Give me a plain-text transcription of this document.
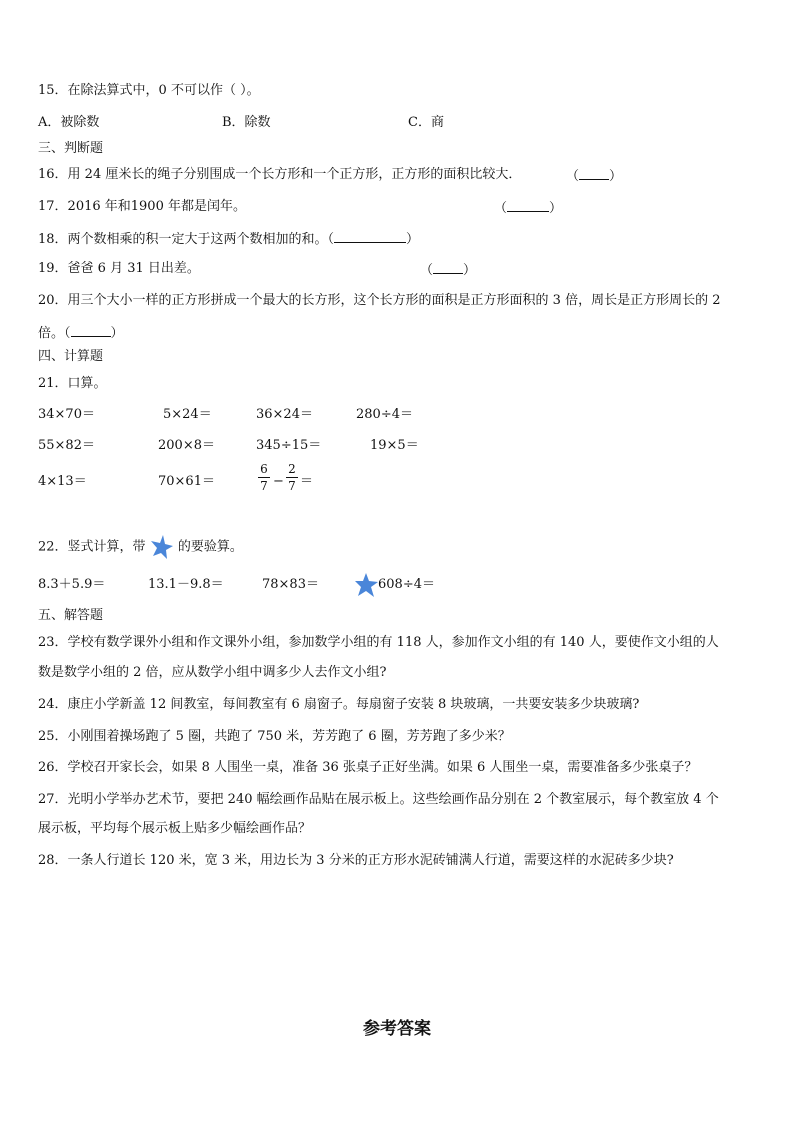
15．在除法算式中，0 不可以作（ ）。
A．被除数	B．除数	C．商
三、判断题
16．用 24 厘米长的绳子分别围成一个长方形和一个正方形，正方形的面积比较大．	（ ）
17．2016 年和1900 年都是闰年。	（	）
18．两个数相乘的积一定大于这两个数相加的和。（	）
19．爸爸 6 月 31 日出差。	（ ）
20．用三个大小一样的正方形拼成一个最大的长方形，这个长方形的面积是正方形面积的 3 倍，周长是正方形周长的 2
倍。（	）
四、计算题
21．口算。
34×70＝	5×24＝	36×24＝	280÷4＝
55×82＝	200×8＝	345÷15＝	19×5＝
4×13＝	70×61＝
6
7 −
2
7 ＝
22．竖式计算，带 的要验算。
8.3＋5.9＝	13.1－9.8＝	78×83＝	608÷4＝
五、解答题
23．学校有数学课外小组和作文课外小组，参加数学小组的有 118 人，参加作文小组的有 140 人，要使作文小组的人
数是数学小组的 2 倍，应从数学小组中调多少人去作文小组?
24．康庄小学新盖 12 间教室，每间教室有 6 扇窗子。每扇窗子安装 8 块玻璃，一共要安装多少块玻璃?
25．小刚围着操场跑了 5 圈，共跑了 750 米，芳芳跑了 6 圈，芳芳跑了多少米？
26．学校召开家长会，如果 8 人围坐一桌，准备 36 张桌子正好坐满。如果 6 人围坐一桌，需要准备多少张桌子？
27．光明小学举办艺术节，要把 240 幅绘画作品贴在展示板上。这些绘画作品分别在 2 个教室展示，每个教室放 4 个
展示板，平均每个展示板上贴多少幅绘画作品？
28．一条人行道长 120 米，宽 3 米，用边长为 3 分米的正方形水泥砖铺满人行道，需要这样的水泥砖多少块?
参考答案
